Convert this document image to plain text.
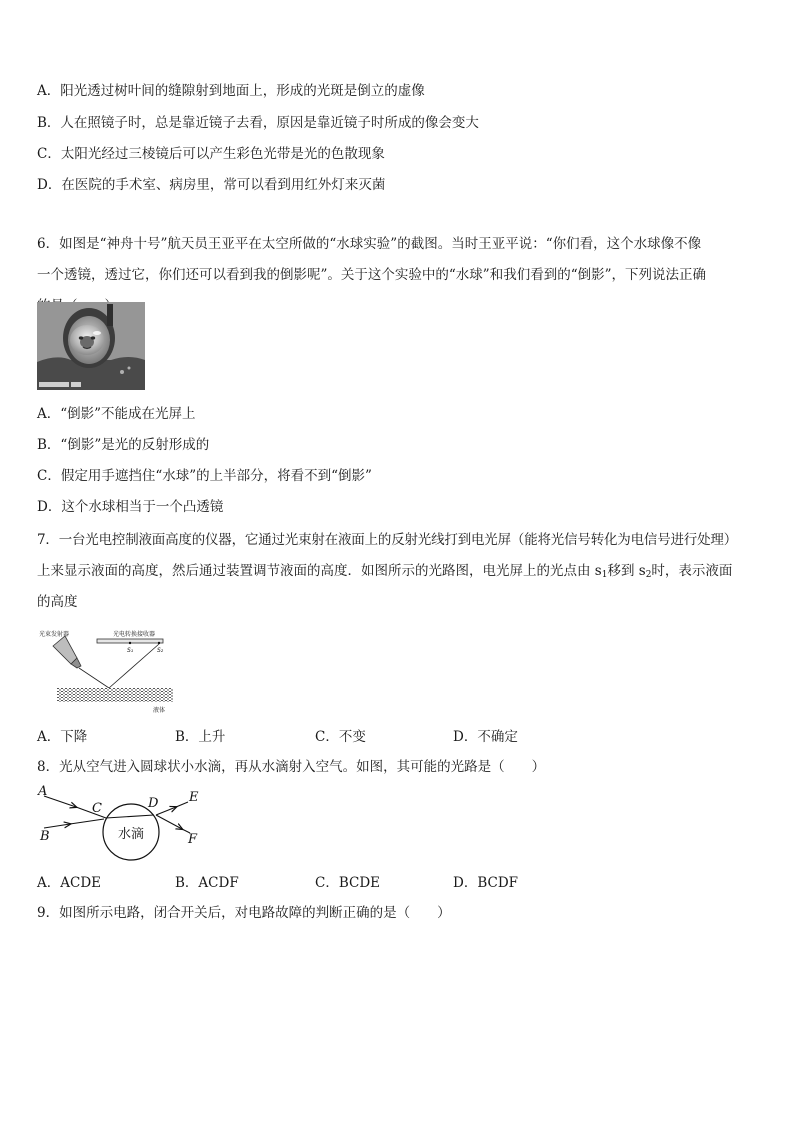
A．阳光透过树叶间的缝隙射到地面上，形成的光斑是倒立的虚像
B．人在照镜子时，总是靠近镜子去看，原因是靠近镜子时所成的像会变大
C．太阳光经过三棱镜后可以产生彩色光带是光的色散现象
D．在医院的手术室、病房里，常可以看到用红外灯来灭菌
6．如图是“神舟十号”航天员王亚平在太空所做的“水球实验”的截图。当时王亚平说：“你们看，这个水球像不像
一个透镜，透过它，你们还可以看到我的倒影呢”。关于这个实验中的“水球”和我们看到的“倒影”，下列说法正确
A．“倒影”不能成在光屏上
B．“倒影”是光的反射形成的
C．假定用手遮挡住“水球”的上半部分，将看不到“倒影”
D．这个水球相当于一个凸透镜
7．一台光电控制液面高度的仪器，它通过光束射在液面上的反射光线打到电光屏（能将光信号转化为电信号进行处理）
上来显示液面的高度，然后通过装置调节液面的高度．如图所示的光路图，电光屏上的光点由 $s_1$移到 $s_2$时，表示液面
的高度
光束发射器	光电转换接收器
S₁	S₂
液体
A．下降	B．上升	C．不变	D．不确定
8．光从空气进入圆球状小水滴，再从水滴射入空气。如图，其可能的光路是（　　）
水滴
A
B
C	D E
F
A．ACDE	B．ACDF	C．BCDE	D．BCDF
9．如图所示电路，闭合开关后，对电路故障的判断正确的是（　　）
